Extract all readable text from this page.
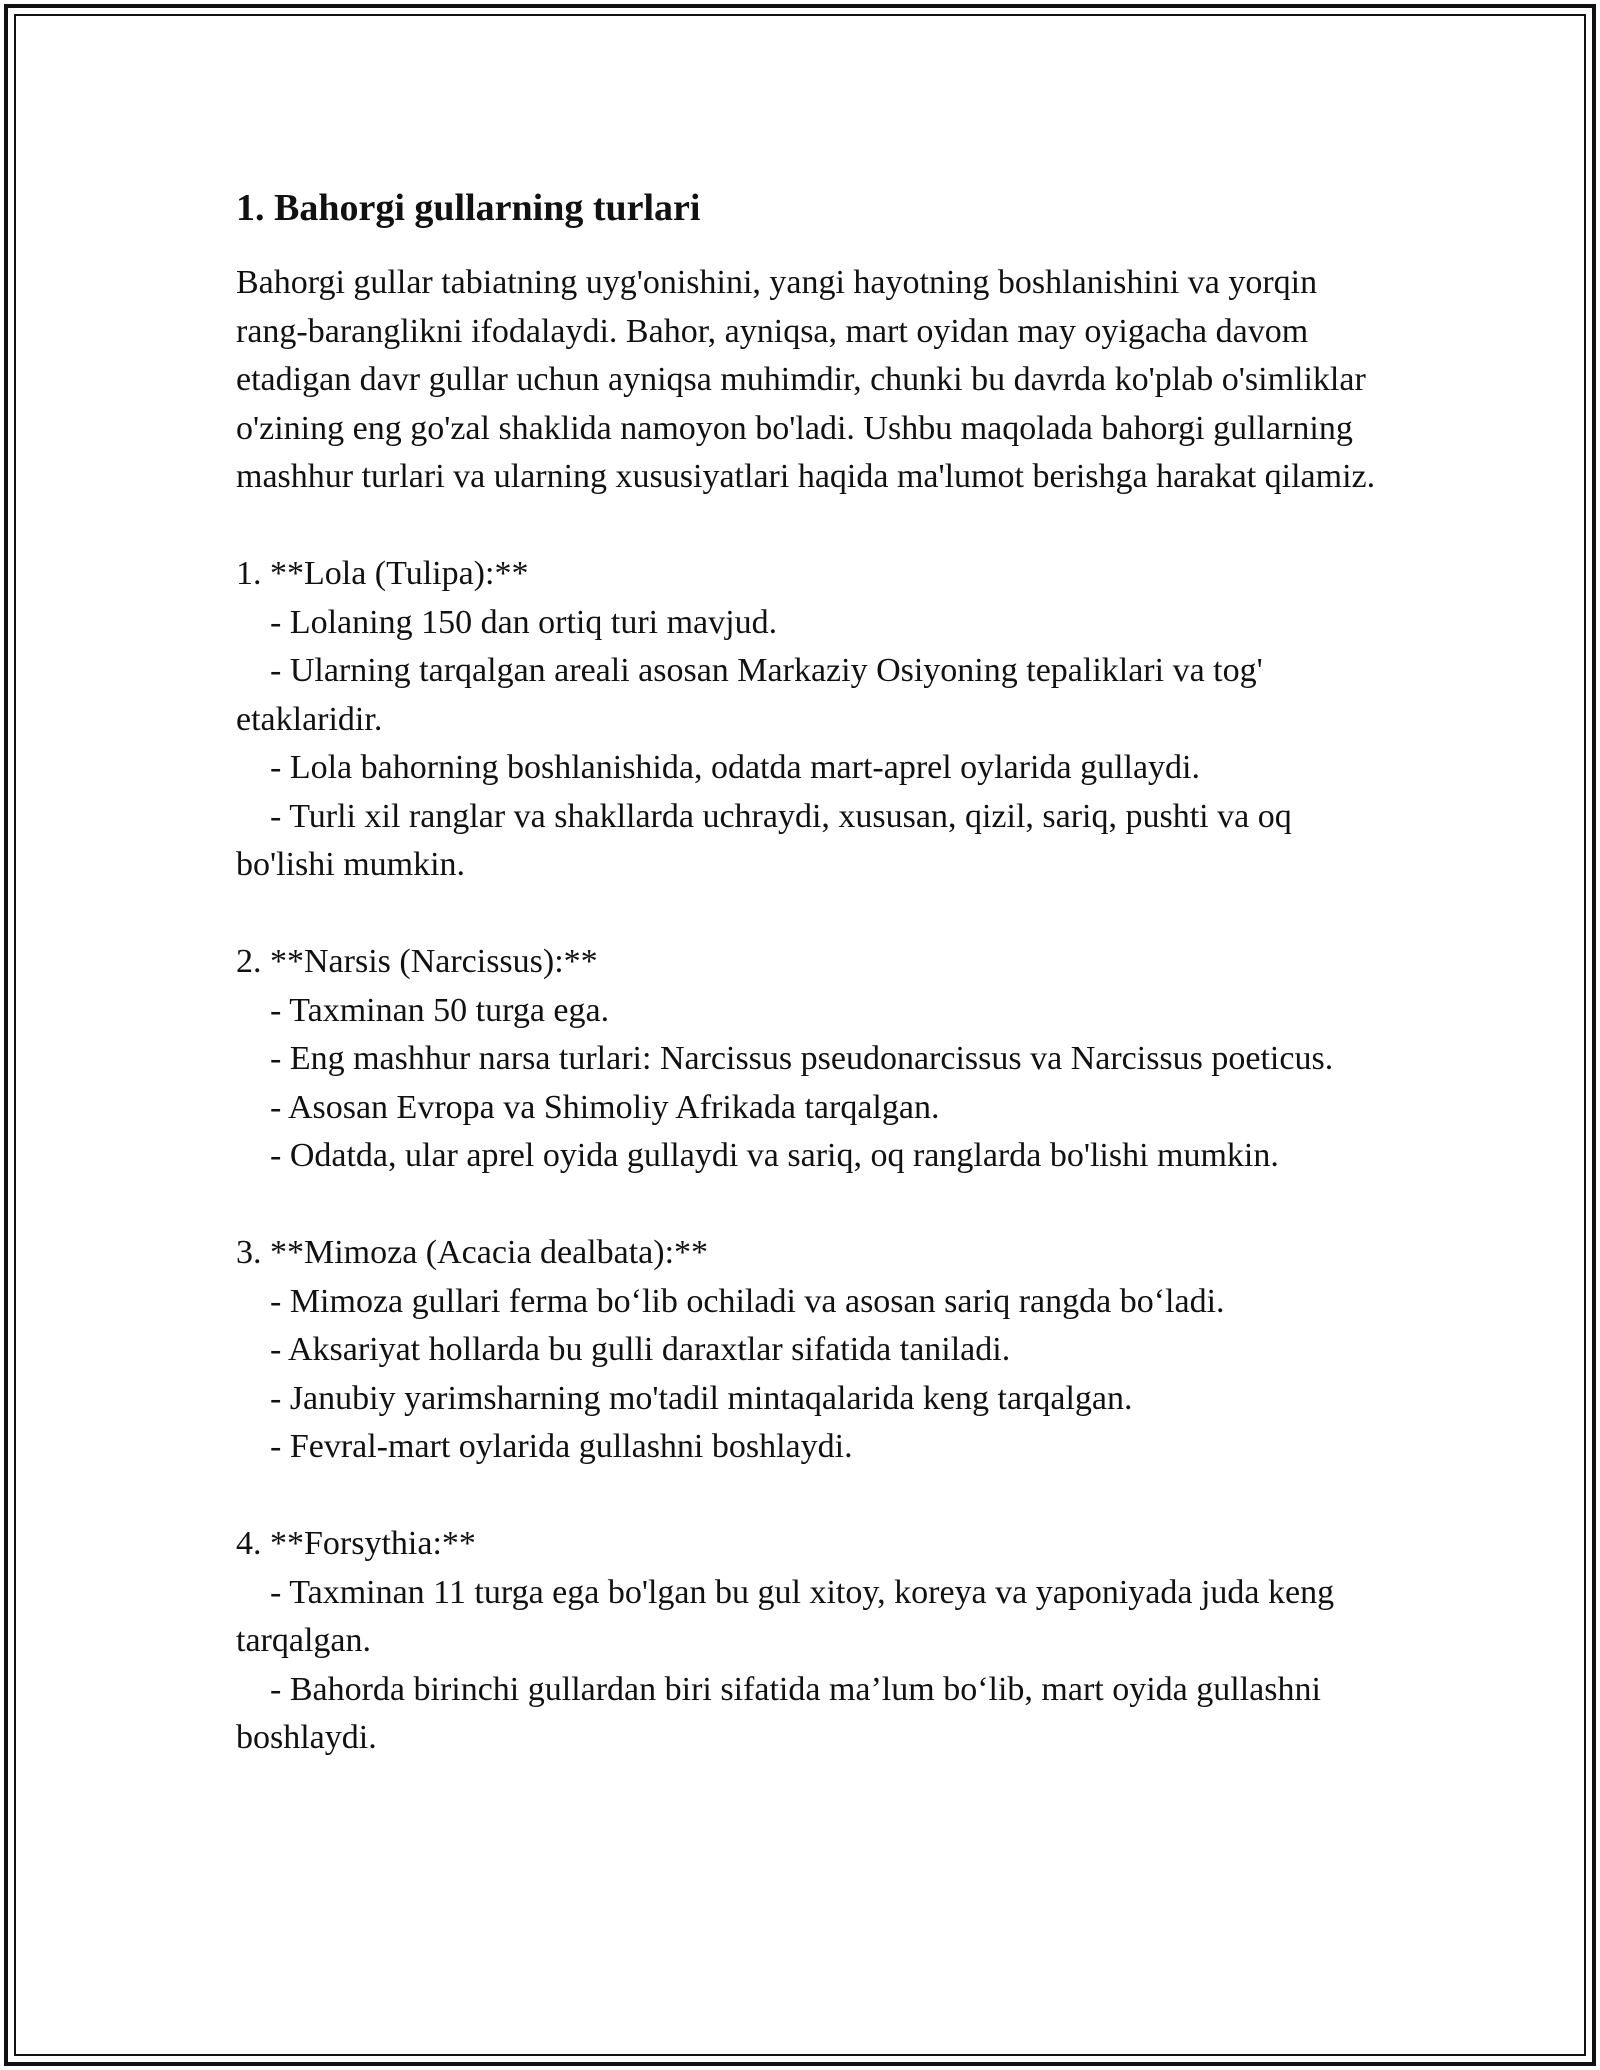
1. Bahorgi gullarning turlari

Bahorgi gullar tabiatning uyg'onishini, yangi hayotning boshlanishini va yorqin rang-baranglikni ifodalaydi. Bahor, ayniqsa, mart oyidan may oyigacha davom etadigan davr gullar uchun ayniqsa muhimdir, chunki bu davrda ko'plab o'simliklar o'zining eng go'zal shaklida namoyon bo'ladi. Ushbu maqolada bahorgi gullarning mashhur turlari va ularning xususiyatlari haqida ma'lumot berishga harakat qilamiz.

1. **Lola (Tulipa):**

- Lolaning 150 dan ortiq turi mavjud.

- Ularning tarqalgan areali asosan Markaziy Osiyoning tepaliklari va tog' etaklaridir.

- Lola bahorning boshlanishida, odatda mart-aprel oylarida gullaydi.

- Turli xil ranglar va shakllarda uchraydi, xususan, qizil, sariq, pushti va oq bo'lishi mumkin.

2. **Narsis (Narcissus):**

- Taxminan 50 turga ega.

- Eng mashhur narsa turlari: Narcissus pseudonarcissus va Narcissus poeticus.

- Asosan Evropa va Shimoliy Afrikada tarqalgan.

- Odatda, ular aprel oyida gullaydi va sariq, oq ranglarda bo'lishi mumkin.

3. **Mimoza (Acacia dealbata):**

- Mimoza gullari ferma bo‘lib ochiladi va asosan sariq rangda bo‘ladi.

- Aksariyat hollarda bu gulli daraxtlar sifatida taniladi.

- Janubiy yarimsharning mo'tadil mintaqalarida keng tarqalgan.

- Fevral-mart oylarida gullashni boshlaydi.

4. **Forsythia:**

- Taxminan 11 turga ega bo'lgan bu gul xitoy, koreya va yaponiyada juda keng tarqalgan.

- Bahorda birinchi gullardan biri sifatida ma’lum bo‘lib, mart oyida gullashni boshlaydi.
